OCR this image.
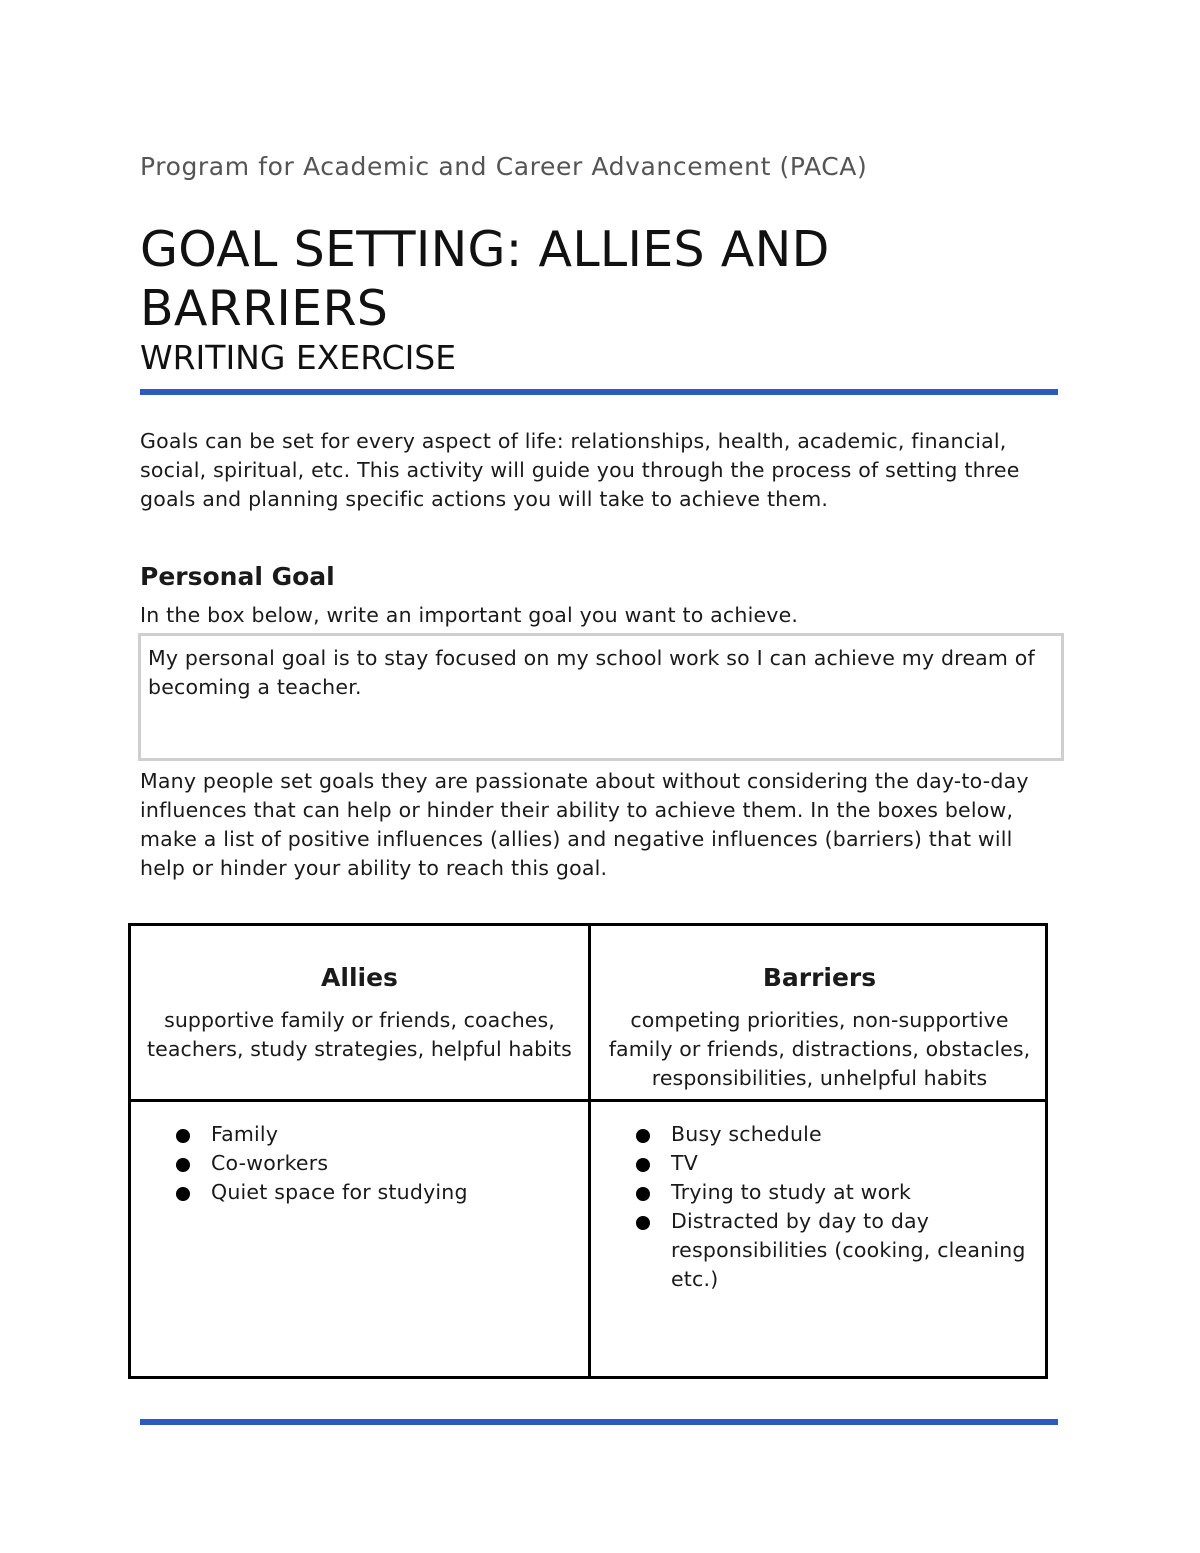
Program for Academic and Career Advancement (PACA)
GOAL SETTING: ALLIES AND BARRIERS
WRITING EXERCISE
Goals can be set for every aspect of life: relationships, health, academic, financial, social, spiritual, etc. This activity will guide you through the process of setting three goals and planning specific actions you will take to achieve them.
Personal Goal
In the box below, write an important goal you want to achieve.
My personal goal is to stay focused on my school work so I can achieve my dream of becoming a teacher.
Many people set goals they are passionate about without considering the day-to-day influences that can help or hinder their ability to achieve them. In the boxes below, make a list of positive influences (allies) and negative influences (barriers) that will help or hinder your ability to reach this goal.
Allies
supportive family or friends, coaches, teachers, study strategies, helpful habits
Barriers
competing priorities, non-supportive family or friends, distractions, obstacles, responsibilities, unhelpful habits
Family
Co-workers
Quiet space for studying
Busy schedule
TV
Trying to study at work
Distracted by day to day responsibilities (cooking, cleaning etc.)
